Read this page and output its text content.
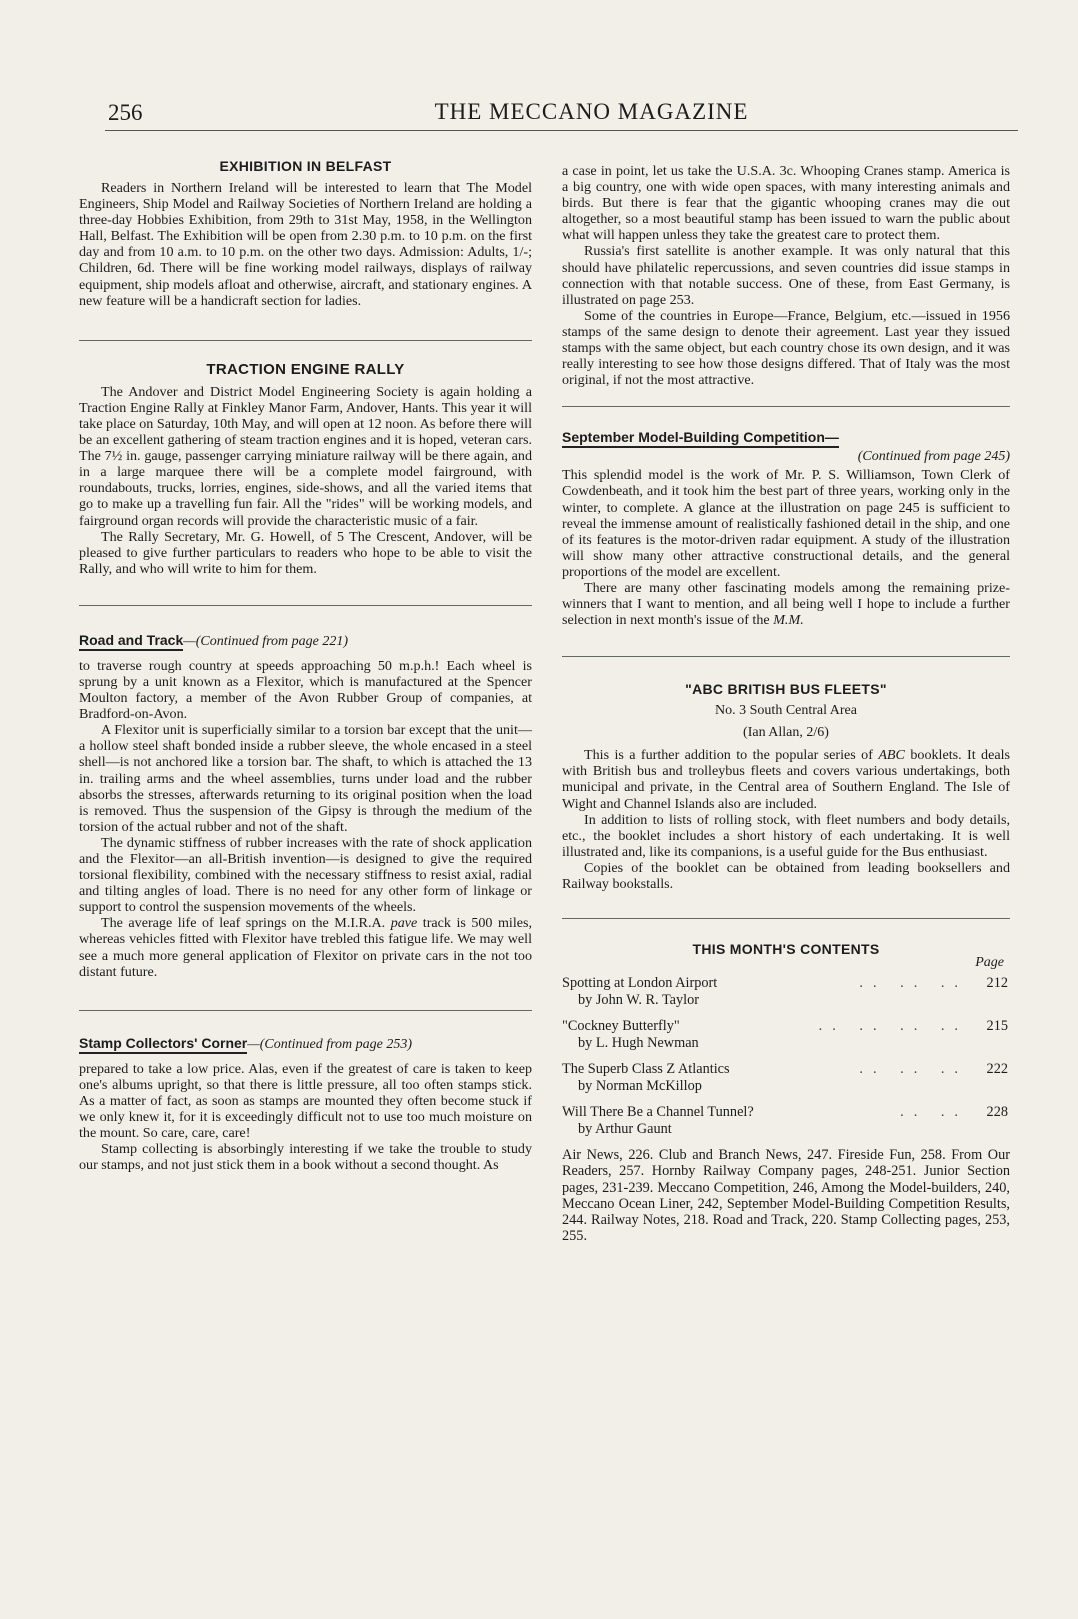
256	THE MECCANO MAGAZINE
EXHIBITION IN BELFAST

Readers in Northern Ireland will be interested to learn that The Model Engineers, Ship Model and Railway Societies of Northern Ireland are holding a three-day Hobbies Exhibition, from 29th to 31st May, 1958, in the Wellington Hall, Belfast. The Exhibition will be open from 2.30 p.m. to 10 p.m. on the first day and from 10 a.m. to 10 p.m. on the other two days. Admission: Adults, 1/-; Children, 6d. There will be fine working model railways, displays of railway equipment, ship models afloat and otherwise, aircraft, and stationary engines. A new feature will be a handicraft section for ladies.

TRACTION ENGINE RALLY

The Andover and District Model Engineering Society is again holding a Traction Engine Rally at Finkley Manor Farm, Andover, Hants. This year it will take place on Saturday, 10th May, and will open at 12 noon. As before there will be an excellent gathering of steam traction engines and it is hoped, veteran cars. The 7½ in. gauge, passenger carrying miniature railway will be there again, and in a large marquee there will be a complete model fairground, with roundabouts, trucks, lorries, engines, side-shows, and all the varied items that go to make up a travelling fun fair. All the "rides" will be working models, and fairground organ records will provide the characteristic music of a fair.

The Rally Secretary, Mr. G. Howell, of 5 The Crescent, Andover, will be pleased to give further particulars to readers who hope to be able to visit the Rally, and who will write to him for them.

Road and Track—(Continued from page 221)

to traverse rough country at speeds approaching 50 m.p.h.! Each wheel is sprung by a unit known as a Flexitor, which is manufactured at the Spencer Moulton factory, a member of the Avon Rubber Group of companies, at Bradford-on-Avon.

A Flexitor unit is superficially similar to a torsion bar except that the unit—a hollow steel shaft bonded inside a rubber sleeve, the whole encased in a steel shell—is not anchored like a torsion bar. The shaft, to which is attached the 13 in. trailing arms and the wheel assemblies, turns under load and the rubber absorbs the stresses, afterwards returning to its original position when the load is removed. Thus the suspension of the Gipsy is through the medium of the torsion of the actual rubber and not of the shaft.

The dynamic stiffness of rubber increases with the rate of shock application and the Flexitor—an all-British invention—is designed to give the required torsional flexibility, combined with the necessary stiffness to resist axial, radial and tilting angles of load. There is no need for any other form of linkage or support to control the suspension movements of the wheels.

The average life of leaf springs on the M.I.R.A. pave track is 500 miles, whereas vehicles fitted with Flexitor have trebled this fatigue life. We may well see a much more general application of Flexitor on private cars in the not too distant future.

Stamp Collectors' Corner—(Continued from page 253)

prepared to take a low price. Alas, even if the greatest of care is taken to keep one's albums upright, so that there is little pressure, all too often stamps stick. As a matter of fact, as soon as stamps are mounted they often become stuck if we only knew it, for it is exceedingly difficult not to use too much moisture on the mount. So care, care, care!

Stamp collecting is absorbingly interesting if we take the trouble to study our stamps, and not just stick them in a book without a second thought. As

a case in point, let us take the U.S.A. 3c. Whooping Cranes stamp. America is a big country, one with wide open spaces, with many interesting animals and birds. But there is fear that the gigantic whooping cranes may die out altogether, so a most beautiful stamp has been issued to warn the public about what will happen unless they take the greatest care to protect them.

Russia's first satellite is another example. It was only natural that this should have philatelic repercussions, and seven countries did issue stamps in connection with that notable success. One of these, from East Germany, is illustrated on page 253.

Some of the countries in Europe—France, Belgium, etc.—issued in 1956 stamps of the same design to denote their agreement. Last year they issued stamps with the same object, but each country chose its own design, and it was really interesting to see how those designs differed. That of Italy was the most original, if not the most attractive.

September Model-Building Competition—
(Continued from page 245)

This splendid model is the work of Mr. P. S. Williamson, Town Clerk of Cowdenbeath, and it took him the best part of three years, working only in the winter, to complete. A glance at the illustration on page 245 is sufficient to reveal the immense amount of realistically fashioned detail in the ship, and one of its features is the motor-driven radar equipment. A study of the illustration will show many other attractive constructional details, and the general proportions of the model are excellent.

There are many other fascinating models among the remaining prize-winners that I want to mention, and all being well I hope to include a further selection in next month's issue of the M.M.

"ABC BRITISH BUS FLEETS"
No. 3 South Central Area
(Ian Allan, 2/6)

This is a further addition to the popular series of ABC booklets. It deals with British bus and trolleybus fleets and covers various undertakings, both municipal and private, in the Central area of Southern England. The Isle of Wight and Channel Islands also are included.

In addition to lists of rolling stock, with fleet numbers and body details, etc., the booklet includes a short history of each undertaking. It is well illustrated and, like its companions, is a useful guide for the Bus enthusiast.

Copies of the booklet can be obtained from leading booksellers and Railway bookstalls.

THIS MONTH'S CONTENTS
Page
Spotting at London Airport
by John W. R. Taylor
.. .. .. 212
"Cockney Butterfly"
by L. Hugh Newman
.. .. .. .. 215
The Superb Class Z Atlantics
by Norman McKillop
.. .. .. 222
Will There Be a Channel Tunnel?
by Arthur Gaunt
.. .. 228

Air News, 226. Club and Branch News, 247. Fireside Fun, 258. From Our Readers, 257. Hornby Railway Company pages, 248-251. Junior Section pages, 231-239. Meccano Competition, 246, Among the Model-builders, 240, Meccano Ocean Liner, 242, September Model-Building Competition Results, 244. Railway Notes, 218. Road and Track, 220. Stamp Collecting pages, 253, 255.
